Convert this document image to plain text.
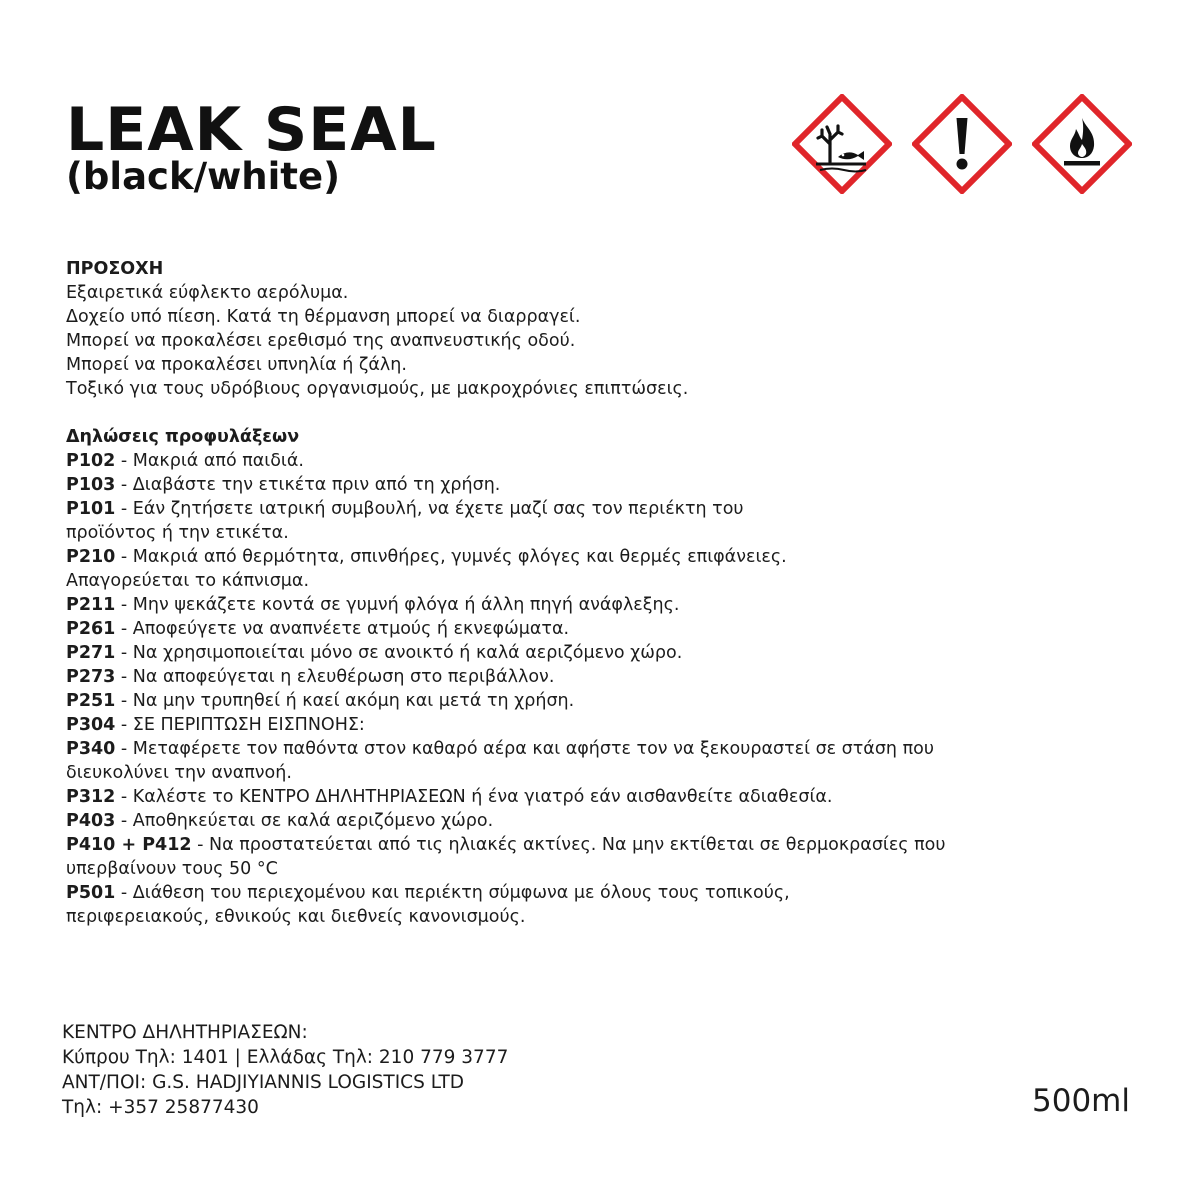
LEAK SEAL
(black/white)
ΠΡΟΣΟΧΗ
Εξαιρετικά εύφλεκτο αερόλυμα.
Δοχείο υπό πίεση. Κατά τη θέρμανση μπορεί να διαρραγεί.
Μπορεί να προκαλέσει ερεθισμό της αναπνευστικής οδού.
Μπορεί να προκαλέσει υπνηλία ή ζάλη.
Τοξικό για τους υδρόβιους οργανισμούς, με μακροχρόνιες επιπτώσεις.
Δηλώσεις προφυλάξεων
P102 - Μακριά από παιδιά.
P103 - Διαβάστε την ετικέτα πριν από τη χρήση.
P101 - Εάν ζητήσετε ιατρική συμβουλή, να έχετε μαζί σας τον περιέκτη του
προϊόντος ή την ετικέτα.
P210 - Μακριά από θερμότητα, σπινθήρες, γυμνές φλόγες και θερμές επιφάνειες.
Απαγορεύεται το κάπνισμα.
P211 - Μην ψεκάζετε κοντά σε γυμνή φλόγα ή άλλη πηγή ανάφλεξης.
P261 - Αποφεύγετε να αναπνέετε ατμούς ή εκνεφώματα.
P271 - Να χρησιμοποιείται μόνο σε ανοικτό ή καλά αεριζόμενο χώρο.
P273 - Να αποφεύγεται η ελευθέρωση στο περιβάλλον.
P251 - Να μην τρυπηθεί ή καεί ακόμη και μετά τη χρήση.
P304 - ΣΕ ΠΕΡΙΠΤΩΣΗ ΕΙΣΠΝΟΗΣ:
P340 - Μεταφέρετε τον παθόντα στον καθαρό αέρα και αφήστε τον να ξεκουραστεί σε στάση που
διευκολύνει την αναπνοή.
P312 - Καλέστε το ΚΕΝΤΡΟ ΔΗΛΗΤΗΡΙΑΣΕΩΝ ή ένα γιατρό εάν αισθανθείτε αδιαθεσία.
P403 - Αποθηκεύεται σε καλά αεριζόμενο χώρο.
P410 + P412 - Να προστατεύεται από τις ηλιακές ακτίνες. Να μην εκτίθεται σε θερμοκρασίες που
υπερβαίνουν τους 50 °C
P501 - Διάθεση του περιεχομένου και περιέκτη σύμφωνα με όλους τους τοπικούς,
περιφερειακούς, εθνικούς και διεθνείς κανονισμούς.
ΚΕΝΤΡΟ ΔΗΛΗΤΗΡΙΑΣΕΩΝ:
Κύπρου Τηλ: 1401 | Ελλάδας Τηλ: 210 779 3777
ΑΝΤ/ΠΟΙ: G.S. HADJIYIANNIS LOGISTICS LTD
Τηλ: +357 25877430	500ml
